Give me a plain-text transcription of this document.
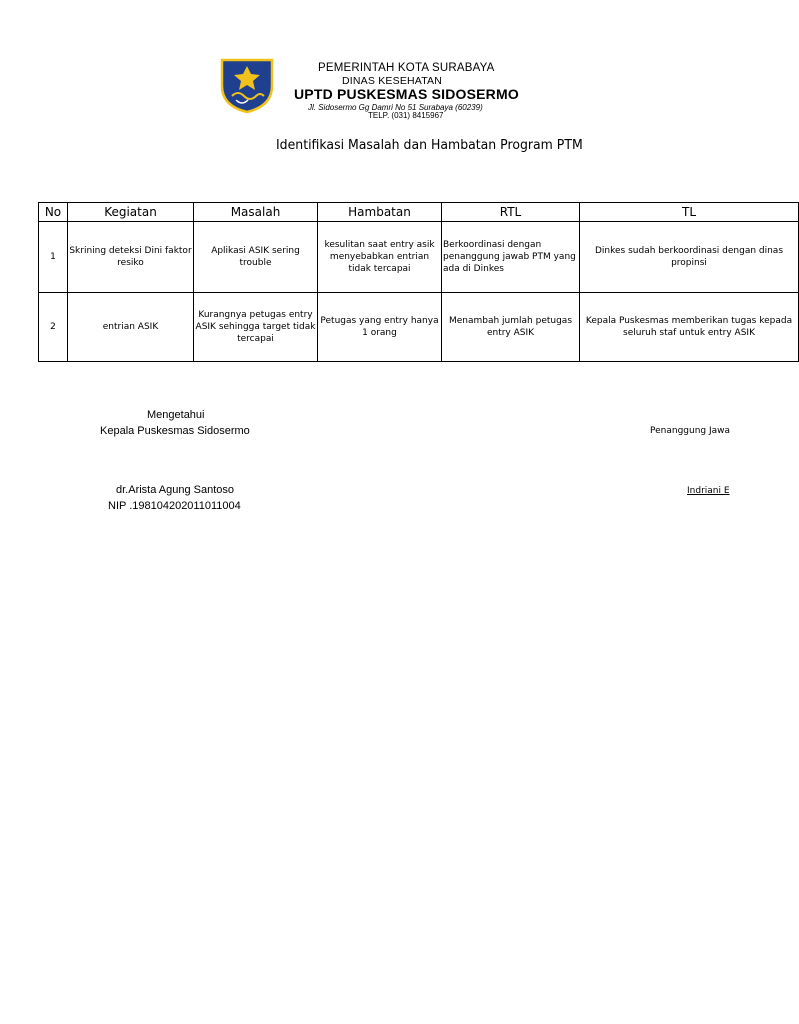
PEMERINTAH KOTA SURABAYA
DINAS KESEHATAN
UPTD PUSKESMAS SIDOSERMO
Jl. Sidosermo Gg Damri No 51 Surabaya (60239)
TELP. (031) 8415967
Identifikasi Masalah dan Hambatan Program PTM
No	Kegiatan	Masalah	Hambatan	RTL	TL
1	Skrining deteksi Dini faktor resiko	Aplikasi ASIK sering trouble	kesulitan saat entry asik menyebabkan entrian tidak tercapai	Berkoordinasi dengan penanggung jawab PTM yang ada di Dinkes	Dinkes sudah berkoordinasi dengan dinas propinsi
2	entrian ASIK	Kurangnya petugas entry ASIK sehingga target tidak tercapai	Petugas yang entry hanya 1 orang	Menambah jumlah petugas entry ASIK	Kepala Puskesmas memberikan tugas kepada seluruh staf untuk entry ASIK
Mengetahui
Kepala Puskesmas Sidosermo
dr.Arista Agung Santoso
NIP .198104202011011004
Penanggung Jawa
Indriani E
